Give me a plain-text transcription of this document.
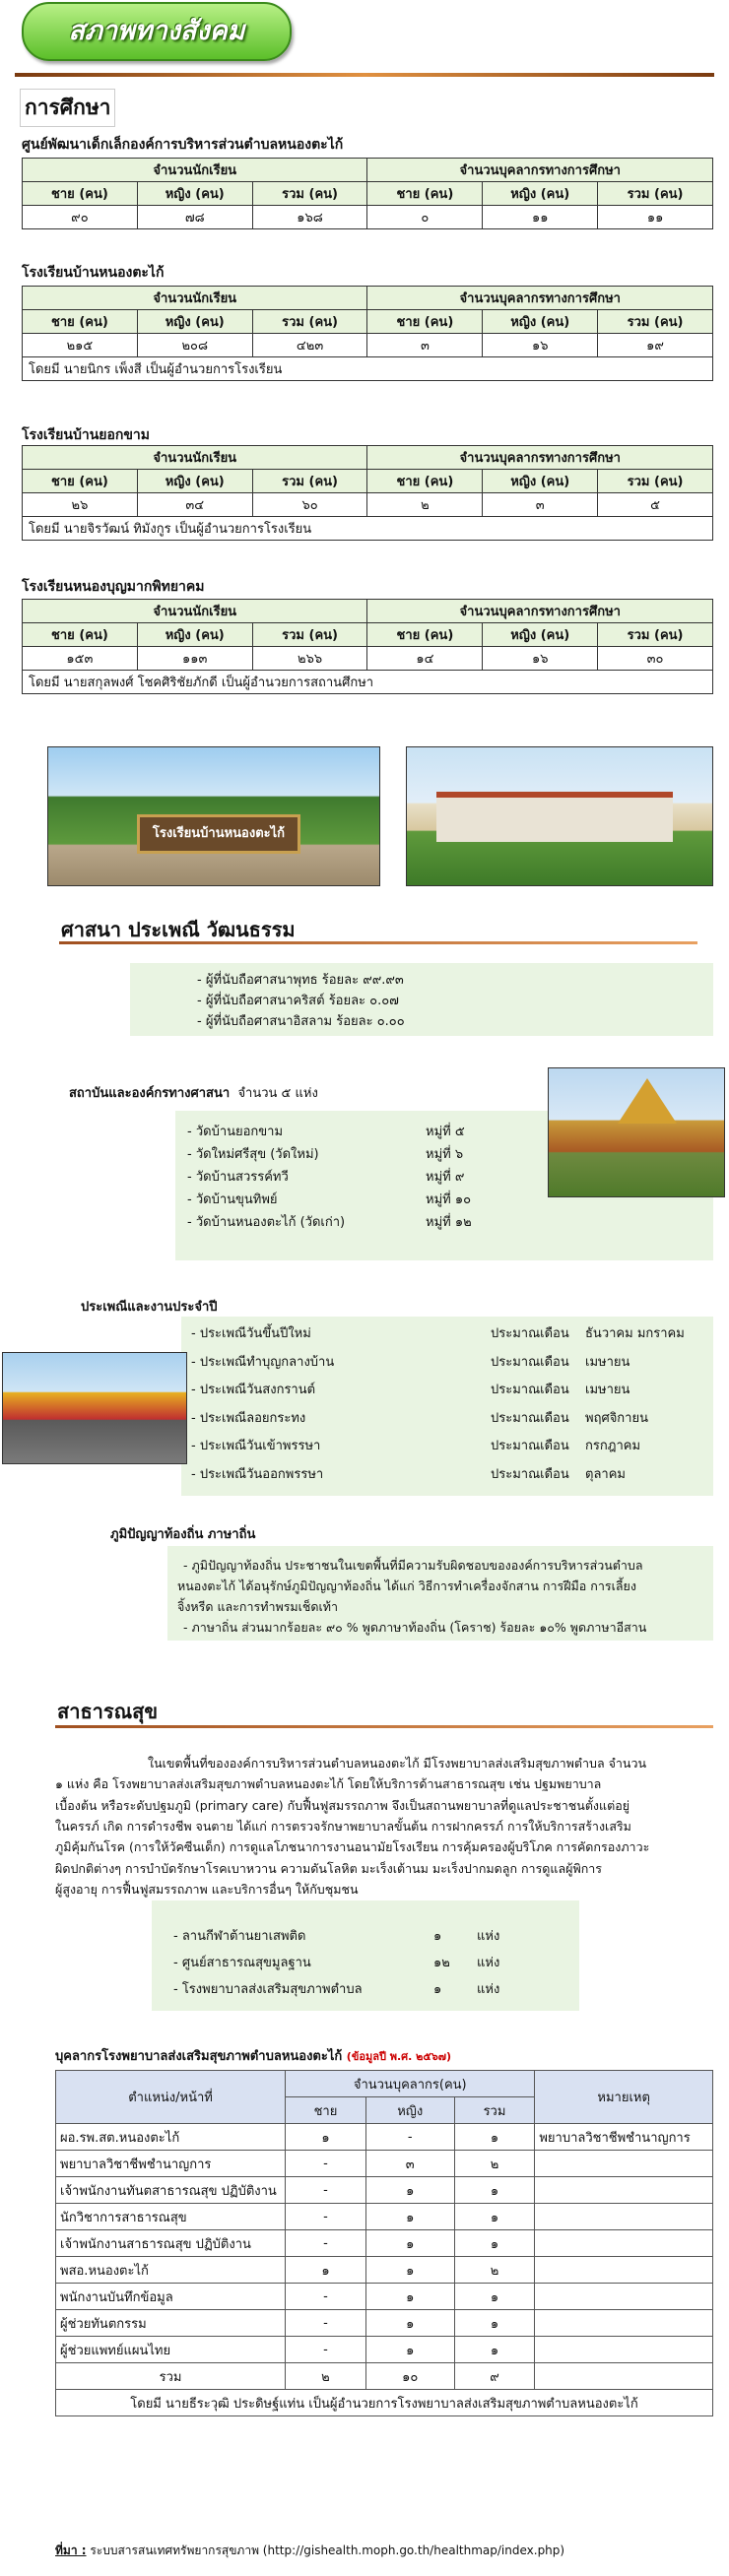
สภาพทางสังคม
การศึกษา
ศูนย์พัฒนาเด็กเล็กองค์การบริหารส่วนตำบลหนองตะไก้
จำนวนนักเรียน			จำนวนบุคลากรทางการศึกษา		
ชาย (คน)	หญิง (คน)	รวม (คน)	ชาย (คน)	หญิง (คน)	รวม (คน)
๙๐	๗๘	๑๖๘	๐	๑๑	๑๑
โรงเรียนบ้านหนองตะไก้
จำนวนนักเรียน			จำนวนบุคลากรทางการศึกษา		
ชาย (คน)	หญิง (คน)	รวม (คน)	ชาย (คน)	หญิง (คน)	รวม (คน)
๒๑๕	๒๐๘	๔๒๓	๓	๑๖	๑๙
โดยมี นายนิกร เพ็งสี เป็นผู้อำนวยการโรงเรียน					
โรงเรียนบ้านยอกขาม
จำนวนนักเรียน			จำนวนบุคลากรทางการศึกษา		
ชาย (คน)	หญิง (คน)	รวม (คน)	ชาย (คน)	หญิง (คน)	รวม (คน)
๒๖	๓๔	๖๐	๒	๓	๕
โดยมี นายจิรวัฒน์ ทิมังกูร เป็นผู้อำนวยการโรงเรียน					
โรงเรียนหนองบุญมากพิทยาคม
จำนวนนักเรียน			จำนวนบุคลากรทางการศึกษา		
ชาย (คน)	หญิง (คน)	รวม (คน)	ชาย (คน)	หญิง (คน)	รวม (คน)
๑๕๓	๑๑๓	๒๖๖	๑๔	๑๖	๓๐
โดยมี นายสกุลพงศ์ โชคศิริชัยภักดี เป็นผู้อำนวยการสถานศึกษา					
โรงเรียนบ้านหนองตะไก้
ศาสนา ประเพณี วัฒนธรรม
- ผู้ที่นับถือศาสนาพุทธ ร้อยละ ๙๙.๙๓
- ผู้ที่นับถือศาสนาคริสต์ ร้อยละ ๐.๐๗
- ผู้ที่นับถือศาสนาอิสลาม ร้อยละ ๐.๐๐
สถาบันและองค์กรทางศาสนา จำนวน ๕ แห่ง
- วัดบ้านยอกขาม	หมู่ที่ ๕
- วัดใหม่ศรีสุข (วัดใหม่)	หมู่ที่ ๖
- วัดบ้านสวรรค์ทวี	หมู่ที่ ๙
- วัดบ้านขุนทิพย์	หมู่ที่ ๑๐
- วัดบ้านหนองตะไก้ (วัดเก่า)	หมู่ที่ ๑๒
ประเพณีและงานประจำปี
- ประเพณีวันขึ้นปีใหม่	ประมาณเดือน ธันวาคม มกราคม
- ประเพณีทำบุญกลางบ้าน	ประมาณเดือน เมษายน
- ประเพณีวันสงกรานต์	ประมาณเดือน เมษายน
- ประเพณีลอยกระทง	ประมาณเดือน พฤศจิกายน
- ประเพณีวันเข้าพรรษา	ประมาณเดือน กรกฎาคม
- ประเพณีวันออกพรรษา	ประมาณเดือน ตุลาคม
ภูมิปัญญาท้องถิ่น ภาษาถิ่น
- ภูมิปัญญาท้องถิ่น ประชาชนในเขตพื้นที่มีความรับผิดชอบขององค์การบริหารส่วนตำบล
หนองตะไก้ ได้อนุรักษ์ภูมิปัญญาท้องถิ่น ได้แก่ วิธีการทำเครื่องจักสาน การฝีมือ การเลี้ยง
จิ้งหรีด และการทำพรมเช็ดเท้า
- ภาษาถิ่น ส่วนมากร้อยละ ๙๐ % พูดภาษาท้องถิ่น (โคราช) ร้อยละ ๑๐% พูดภาษาอีสาน
สาธารณสุข
ในเขตพื้นที่ขององค์การบริหารส่วนตำบลหนองตะไก้ มีโรงพยาบาลส่งเสริมสุขภาพตำบล จำนวน
๑ แห่ง คือ โรงพยาบาลส่งเสริมสุขภาพตำบลหนองตะไก้ โดยให้บริการด้านสาธารณสุข เช่น ปฐมพยาบาล
เบื้องต้น หรือระดับปฐมภูมิ (primary care) กับฟื้นฟูสมรรถภาพ จึงเป็นสถานพยาบาลที่ดูแลประชาชนตั้งแต่อยู่
ในครรภ์ เกิด การดำรงชีพ จนตาย ได้แก่ การตรวจรักษาพยาบาลขั้นต้น การฝากครรภ์ การให้บริการสร้างเสริม
ภูมิคุ้มกันโรค (การให้วัคซีนเด็ก) การดูแลโภชนาการงานอนามัยโรงเรียน การคุ้มครองผู้บริโภค การคัดกรองภาวะ
ผิดปกติต่างๆ การบำบัดรักษาโรคเบาหวาน ความดันโลหิต มะเร็งเต้านม มะเร็งปากมดลูก การดูแลผู้พิการ
ผู้สูงอายุ การฟื้นฟูสมรรถภาพ และบริการอื่นๆ ให้กับชุมชน
- ลานกีฬาต้านยาเสพติด	๑	แห่ง
- ศูนย์สาธารณสุขมูลฐาน	๑๒ แห่ง
- โรงพยาบาลส่งเสริมสุขภาพตำบล	๑	แห่ง
บุคลากรโรงพยาบาลส่งเสริมสุขภาพตำบลหนองตะไก้ (ข้อมูลปี พ.ศ. ๒๕๖๗)
ตำแหน่ง/หน้าที่	จำนวนบุคลากร(คน)			หมายเหตุ
	ชาย	หญิง	รวม	
ผอ.รพ.สต.หนองตะไก้	๑	-	๑	พยาบาลวิชาชีพชำนาญการ
พยาบาลวิชาชีพชำนาญการ	-	๓	๒	
เจ้าพนักงานทันตสาธารณสุข ปฏิบัติงาน	-	๑	๑	
นักวิชาการสาธารณสุข	-	๑	๑	
เจ้าพนักงานสาธารณสุข ปฏิบัติงาน	-	๑	๑	
พสอ.หนองตะไก้	๑	๑	๒	
พนักงานบันทึกข้อมูล	-	๑	๑	
ผู้ช่วยทันตกรรม	-	๑	๑	
ผู้ช่วยแพทย์แผนไทย	-	๑	๑	
รวม	๒	๑๐	๙	
โดยมี นายธีระวุฒิ ประดิษฐ์แท่น เป็นผู้อำนวยการโรงพยาบาลส่งเสริมสุขภาพตำบลหนองตะไก้				
ที่มา : ระบบสารสนเทศทรัพยากรสุขภาพ (http://gishealth.moph.go.th/healthmap/index.php)
